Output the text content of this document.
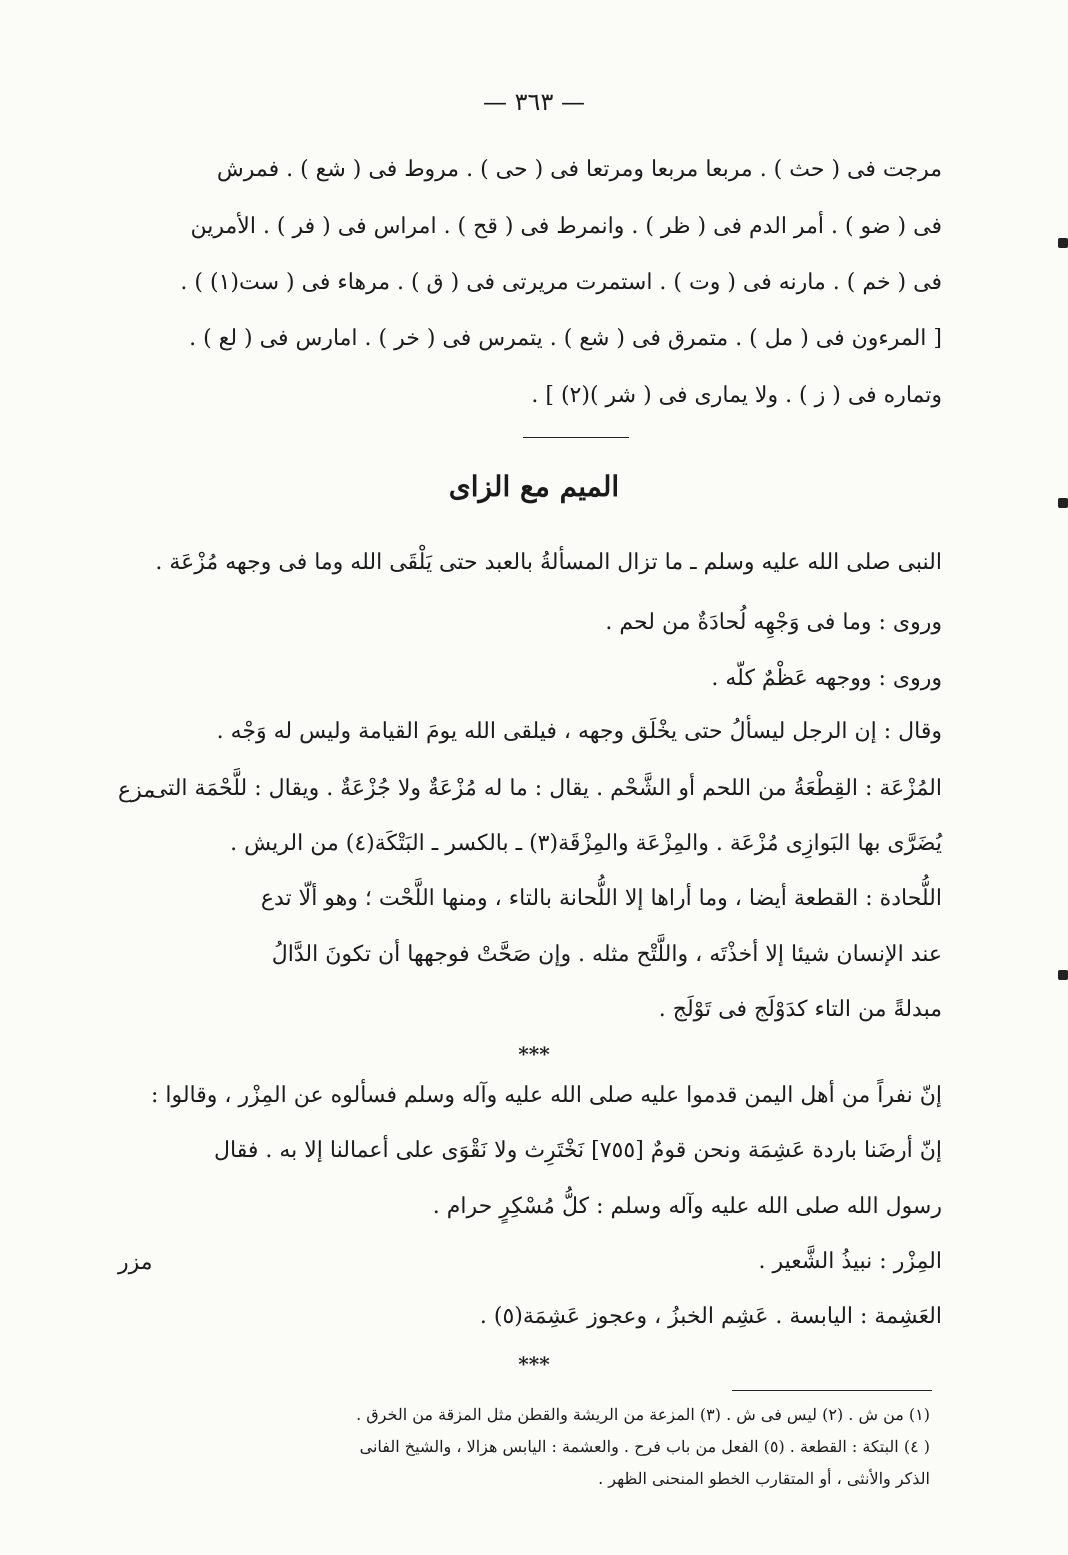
— ٣٦٣ —
مرجت فى ( حث ) . مربعا مربعا ومرتعا فى ( حى ) . مروط فى ( شع ) . فمرش
فى ( ضو ) . أمر الدم فى ( ظر ) . وانمرط فى ( قح ) . امراس فى ( فر ) . الأمرين
فى ( خم ) . مارنه فى ( وت ) . استمرت مريرتى فى ( ق ) . مرهاء فى ( ست(١) ) .
[ المرءون فى ( مل ) . متمرق فى ( شع ) . يتمرس فى ( خر ) . امارس فى ( لع ) .
وتماره فى ( ز ) . ولا يمارى فى ( شر )(٢) ] .
الميم مع الزاى
النبى صلى الله عليه وسلم ـ ما تزال المسألةُ بالعبد حتى يَلْقَى الله وما فى وجهه مُزْعَة .
وروى : وما فى وَجْهِه لُحادَةٌ من لحم .
وروى : ووجهه عَظْمٌ كلّه .
وقال : إن الرجل ليسألُ حتى يخْلَق وجهه ، فيلقى الله يومَ القيامة وليس له وَجْه .
المُزْعَة : القِطْعَةُ من اللحم أو الشَّحْم . يقال : ما له مُزْعَةٌ ولا جُزْعَةٌ . ويقال : للَّحْمَة التى
يُضَرَّى بها البَوازِى مُزْعَة . والمِزْعَة والمِزْقَة(٣) ـ بالكسر ـ البَتْكَة(٤) من الريش .
اللُّحادة : القطعة أيضا ، وما أراها إلا اللُّحانة بالتاء ، ومنها اللَّحْت ؛ وهو ألّا تدع
عند الإنسان شيئا إلا أخذْتَه ، واللَّتْح مثله . وإن صَحَّتْ فوجهها أن تكونَ الدَّالُ
مبدلةً من التاء كدَوْلَج فى تَوْلَج .
مزع
***
إنّ نفراً من أهل اليمن قدموا عليه صلى الله عليه وآله وسلم فسألوه عن المِزْر ، وقالوا :
إنّ أرضَنا باردة عَشِمَة ونحن قومٌ [٧٥٥] نَخْتَرِث ولا نَقْوَى على أعمالنا إلا به . فقال
رسول الله صلى الله عليه وآله وسلم : كلُّ مُسْكِرٍ حرام .
المِزْر : نبيذُ الشَّعير .
العَشِمة : اليابسة . عَشِم الخبزُ ، وعجوز عَشِمَة(٥) .
مزر
***
(١) من ش . (٢) ليس فى ش . (٣) المزعة من الريشة والقطن مثل المزقة من الخرق .
( ٤) البتكة : القطعة . (٥) الفعل من باب فرح . والعشمة : اليابس هزالا ، والشيخ الفانى
الذكر والأنثى ، أو المتقارب الخطو المنحنى الظهر .
